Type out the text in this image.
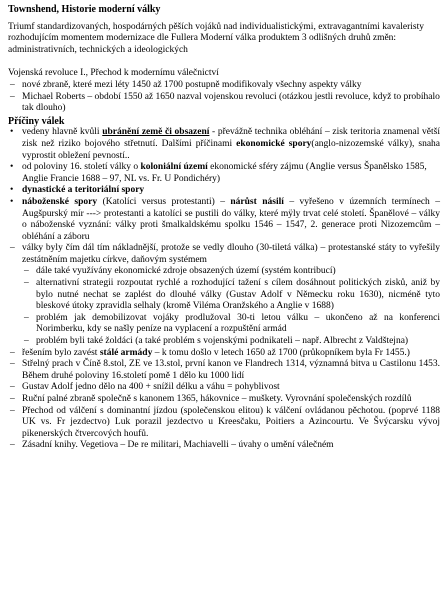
Townshend, Historie moderní války

Triumf standardizovaných, hospodárných pěších vojáků nad individualistickými, extravagantními kavaleristy rozhodujícím momentem modernizace dle Fullera Moderní válka produktem 3 odlišných druhů změn: administrativních, technických a ideologických

Vojenská revoluce I., Přechod k modernímu válečnictví
– nové zbraně, které mezi léty 1450 až 1700 postupně modifikovaly všechny aspekty války
– Michael Roberts – období 1550 až 1650 nazval vojenskou revoluci (otázkou jestli revoluce, když to probíhalo tak dlouho)
Příčiny válek
• vedeny hlavně kvůli ubránění země či obsazení - převážně technika obléhání – zisk teritoria znamenal větší zisk než riziko bojového střetnutí. Dalšími příčinami ekonomické spory(anglo-nizozemské války), snaha vyprostit obležení pevností..
• od poloviny 16. století války o koloniální území ekonomické sféry zájmu (Anglie versus Španělsko 1585, Anglie Francie 1688 – 97, NL vs. Fr. U Pondichéry)
• dynastické a teritoriální spory
• náboženské spory (Katolíci versus protestanti) – nárůst násilí – vyřešeno v územních termínech – Augšpurský mír ---> protestanti a katolíci se pustili do války, které mÿly trvat celé století. Španělové – války o náboženské vyznání: války proti šmalkaldskému spolku 1546 – 1547, 2. generace proti Nizozemcům – obléhání a záboru
– války byly čím dál tím nákladnější, protože se vedly dlouho (30-tiletá válka) – protestanské státy to vyřešily zestátněním majetku církve, daňovým systémem
– dále také využívány ekonomické zdroje obsazených území (systém kontribucí)
– alternativní strategii rozpoutat rychlé a rozhodující tažení s cílem dosáhnout politických zisků, aniž by bylo nutné nechat se zaplést do dlouhé války (Gustav Adolf v Německu roku 1630), nicméně tyto bleskové útoky zpravidla selhaly (kromě Viléma Oranžského a Anglie v 1688)
– problém jak demobilizovat vojáky prodlužoval 30-ti letou válku – ukončeno až na konferenci Norimberku, kdy se našly peníze na vyplacení a rozpuštění armád
– problém byli také žoldáci (a také problém s vojenskými podnikateli – např. Albrecht z Valdštejna)
– řešením bylo zavést stálé armády – k tomu došlo v letech 1650 až 1700 (průkopníkem byla Fr 1455.)
– Střelný prach v Číně 8.stol, ZE ve 13.stol, první kanon ve Flandrech 1314, významná bitva u Castilonu 1453. Během druhé poloviny 16.století pomě 1 dělo ku 1000 lidí
– Gustav Adolf jedno dělo na 400 + snížil délku a váhu = pohyblivost
– Ruční palné zbraně společně s kanonem 1365, hákovnice – muškety. Vyrovnání společenských rozdílů
– Přechod od válčení s dominantní jízdou (společenskou elitou) k válčení ovládanou pěchotou. (poprvé 1188 UK vs. Fr jezdectvo) Luk porazil jezdectvo u Kreesčaku, Poitiers a Azincourtu. Ve Švýcarsku vývoj pikenerských čtvercových houfů.
– Zásadní knihy. Vegetiova – De re militari, Machiavelli – úvahy o umění válečném
